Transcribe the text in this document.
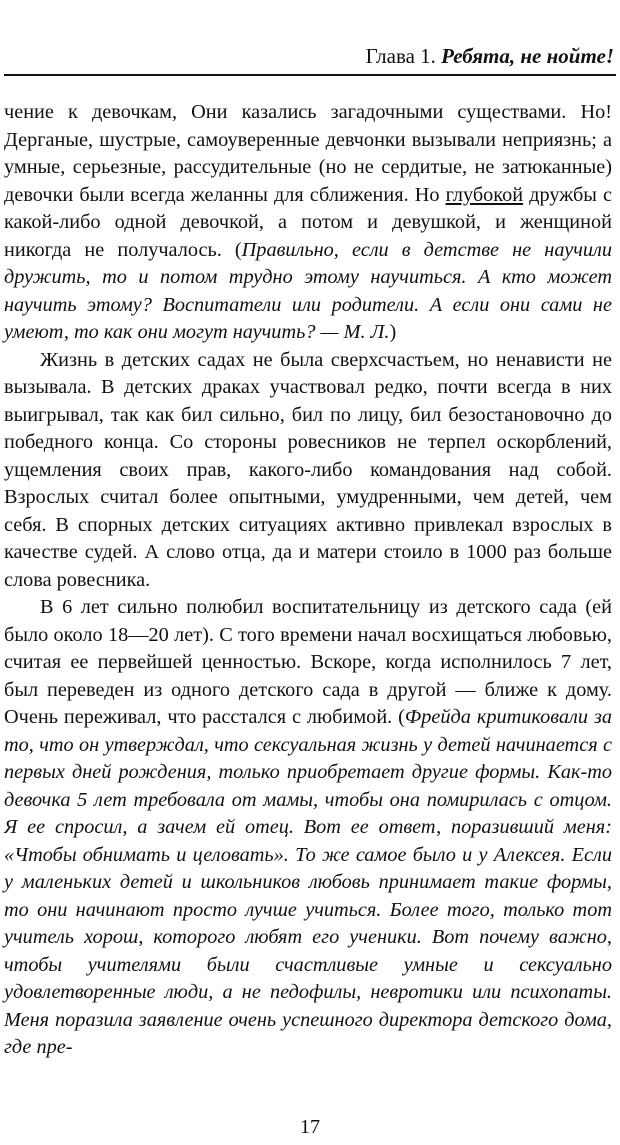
Глава 1. Ребята, не нойте!

чение к девочкам, Они казались загадочными существами. Но! Дерганые, шустрые, самоуверенные девчонки вызывали неприязнь; а умные, серьезные, рассудительные (но не сердитые, не затюканные) девочки были всегда желанны для сближения. Но глубокой дружбы с какой-либо одной девочкой, а потом и девушкой, и женщиной никогда не получалось. (Правильно, если в детстве не научили дружить, то и потом трудно этому научиться. А кто может научить этому? Воспитатели или родители. А если они сами не умеют, то как они могут научить? — М. Л.)

Жизнь в детских садах не была сверхсчастьем, но ненависти не вызывала. В детских драках участвовал редко, почти всегда в них выигрывал, так как бил сильно, бил по лицу, бил безостановочно до победного конца. Со стороны ровесников не терпел оскорблений, ущемления своих прав, какого-либо командования над собой. Взрослых считал более опытными, умудренными, чем детей, чем себя. В спорных детских ситуациях активно привлекал взрослых в качестве судей. А слово отца, да и матери стоило в 1000 раз больше слова ровесника.

В 6 лет сильно полюбил воспитательницу из детского сада (ей было около 18—20 лет). С того времени начал восхищаться любовью, считая ее первейшей ценностью. Вскоре, когда исполнилось 7 лет, был переведен из одного детского сада в другой — ближе к дому. Очень переживал, что расстался с любимой. (Фрейда критиковали за то, что он утверждал, что сексуальная жизнь у детей начинается с первых дней рождения, только приобретает другие формы. Как-то девочка 5 лет требовала от мамы, чтобы она помирилась с отцом. Я ее спросил, а зачем ей отец. Вот ее ответ, поразивший меня: «Чтобы обнимать и целовать». То же самое было и у Алексея. Если у маленьких детей и школьников любовь принимает такие формы, то они начинают просто лучше учиться. Более того, только тот учитель хорош, которого любят его ученики. Вот почему важно, чтобы учителями были счастливые умные и сексуально удовлетворенные люди, а не педофилы, невротики или психопаты. Меня поразила заявление очень успешного директора детского дома, где пре-

17
